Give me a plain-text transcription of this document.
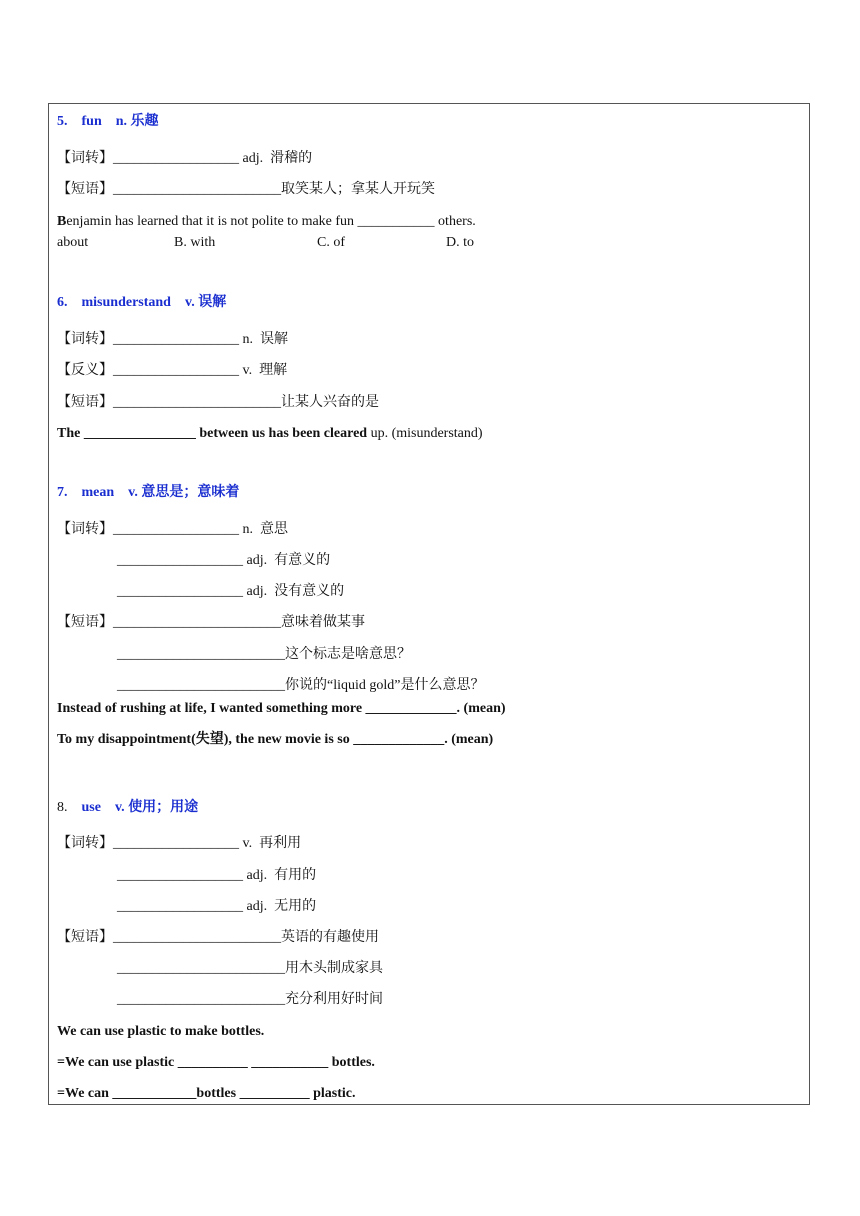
5. fun n. 乐趣
【词转】__________________ adj.  滑稽的
【短语】________________________取笑某人；拿某人开玩笑
Benjamin has learned that it is not polite to make fun ___________ others.
about	B. with	C. of	D. to
6. misunderstand v. 误解
【词转】__________________ n.  误解
【反义】__________________ v.  理解
【短语】________________________让某人兴奋的是
The ________________ between us has been cleared up. (misunderstand)
7. mean v. 意思是；意味着
【词转】__________________ n.  意思
__________________ adj.  有意义的
__________________ adj.  没有意义的
【短语】________________________意味着做某事
________________________这个标志是啥意思？
________________________你说的“liquid gold”是什么意思？
Instead of rushing at life, I wanted something more _____________. (mean)
To my disappointment(失望), the new movie is so _____________. (mean)
8. use v. 使用；用途
【词转】__________________ v.  再利用
__________________ adj.  有用的
__________________ adj.  无用的
【短语】________________________英语的有趣使用
________________________用木头制成家具
________________________充分利用好时间
We can use plastic to make bottles.
=We can use plastic __________ ___________ bottles.
=We can ____________bottles __________ plastic.
